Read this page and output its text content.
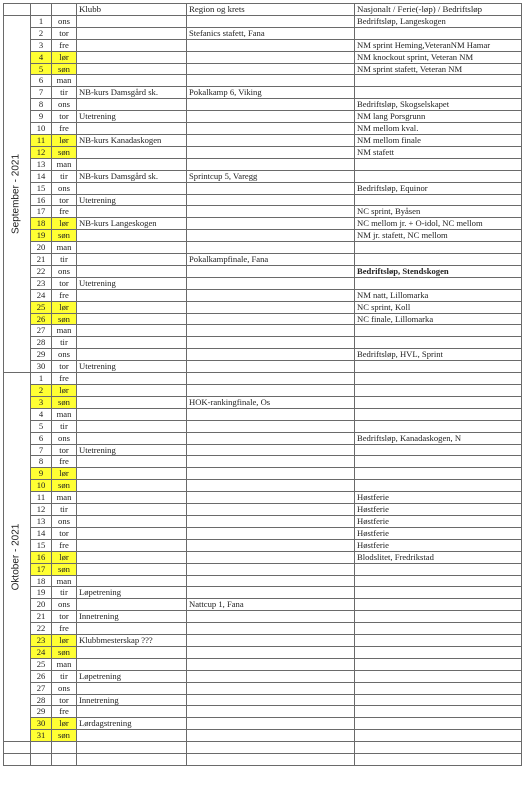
			Klubb	Region og krets	Nasjonalt / Ferie(-løp) / Bedriftsløp

September - 2021	1	ons			Bedriftsløp, Langeskogen
	2	tor		Stefanics stafett, Fana	
	3	fre			NM sprint Heming,VeteranNM Hamar
	4	lør			NM knockout sprint, Veteran NM
	5	søn			NM sprint stafett, Veteran NM
	6	man			
	7	tir	NB-kurs Damsgård sk.	Pokalkamp 6, Viking	
	8	ons			Bedriftsløp, Skogselskapet
	9	tor	Utetrening		NM lang Porsgrunn
	10	fre			NM mellom kval.
	11	lør	NB-kurs Kanadaskogen		NM mellom finale
	12	søn			NM stafett
	13	man			
	14	tir	NB-kurs Damsgård sk.	Sprintcup 5, Varegg	
	15	ons			Bedriftsløp, Equinor
	16	tor	Utetrening		
	17	fre			NC sprint, Byåsen
	18	lør	NB-kurs Langeskogen		NC mellom jr. + O-idol, NC mellom
	19	søn			NM jr. stafett, NC mellom
	20	man			
	21	tir		Pokalkampfinale, Fana	
	22	ons			Bedriftsløp, Stendskogen
	23	tor	Utetrening		
	24	fre			NM natt, Lillomarka
	25	lør			NC sprint, Koll
	26	søn			NC finale, Lillomarka
	27	man			
	28	tir			
	29	ons			Bedriftsløp, HVL, Sprint
	30	tor	Utetrening		

Oktober - 2021	1	fre			
	2	lør			
	3	søn		HOK-rankingfinale, Os	
	4	man			
	5	tir			
	6	ons			Bedriftsløp, Kanadaskogen, N
	7	tor	Utetrening		
	8	fre			
	9	lør			
	10	søn			
	11	man			Høstferie
	12	tir			Høstferie
	13	ons			Høstferie
	14	tor			Høstferie
	15	fre			Høstferie
	16	lør			Blodslitet, Fredrikstad
	17	søn			
	18	man			
	19	tir	Løpetrening		
	20	ons		Nattcup 1, Fana	
	21	tor	Innetrening		
	22	fre			
	23	lør	Klubbmesterskap ???		
	24	søn			
	25	man			
	26	tir	Løpetrening		
	27	ons			
	28	tor	Innetrening		
	29	fre			
	30	lør	Lørdagstrening		
	31	søn			
